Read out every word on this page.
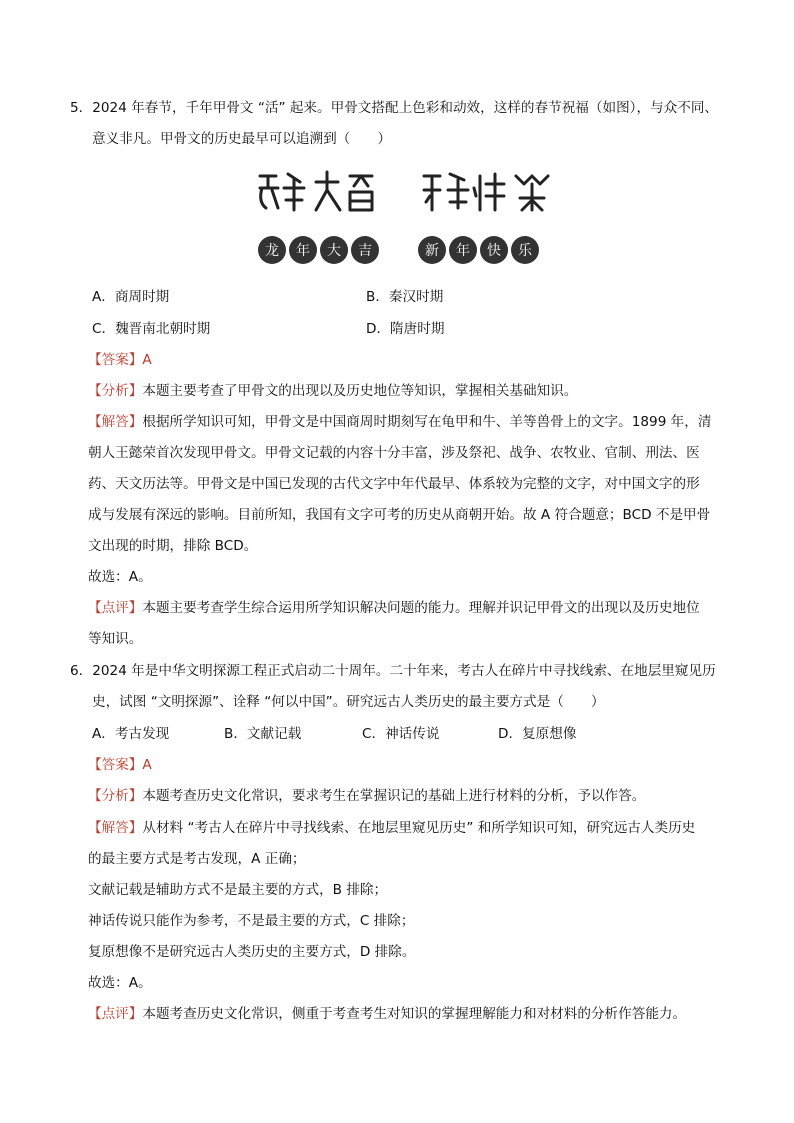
5．2024 年春节，千年甲骨文 “活” 起来。甲骨文搭配上色彩和动效，这样的春节祝福（如图），与众不同、
意义非凡。甲骨文的历史最早可以追溯到（　　）
龙 年 大 吉	新 年 快 乐
A．商周时期	B．秦汉时期
C．魏晋南北朝时期	D．隋唐时期
【答案】A
【分析】本题主要考查了甲骨文的出现以及历史地位等知识，掌握相关基础知识。
【解答】根据所学知识可知，甲骨文是中国商周时期刻写在龟甲和牛、羊等兽骨上的文字。1899 年，清
朝人王懿荣首次发现甲骨文。甲骨文记载的内容十分丰富，涉及祭祀、战争、农牧业、官制、刑法、医
药、天文历法等。甲骨文是中国已发现的古代文字中年代最早、体系较为完整的文字，对中国文字的形
成与发展有深远的影响。目前所知，我国有文字可考的历史从商朝开始。故 A 符合题意；BCD 不是甲骨
文出现的时期，排除 BCD。
故选：A。
【点评】本题主要考查学生综合运用所学知识解决问题的能力。理解并识记甲骨文的出现以及历史地位
等知识。
6．2024 年是中华文明探源工程正式启动二十周年。二十年来，考古人在碎片中寻找线索、在地层里窥见历
史，试图 “文明探源”、诠释 “何以中国”。研究远古人类历史的最主要方式是（　　）
A．考古发现	B．文献记载	C．神话传说	D．复原想像
【答案】A
【分析】本题考查历史文化常识，要求考生在掌握识记的基础上进行材料的分析，予以作答。
【解答】从材料 “考古人在碎片中寻找线索、在地层里窥见历史” 和所学知识可知，研究远古人类历史
的最主要方式是考古发现，A 正确；
文献记载是辅助方式不是最主要的方式，B 排除；
神话传说只能作为参考，不是最主要的方式，C 排除；
复原想像不是研究远古人类历史的主要方式，D 排除。
故选：A。
【点评】本题考查历史文化常识，侧重于考查考生对知识的掌握理解能力和对材料的分析作答能力。
